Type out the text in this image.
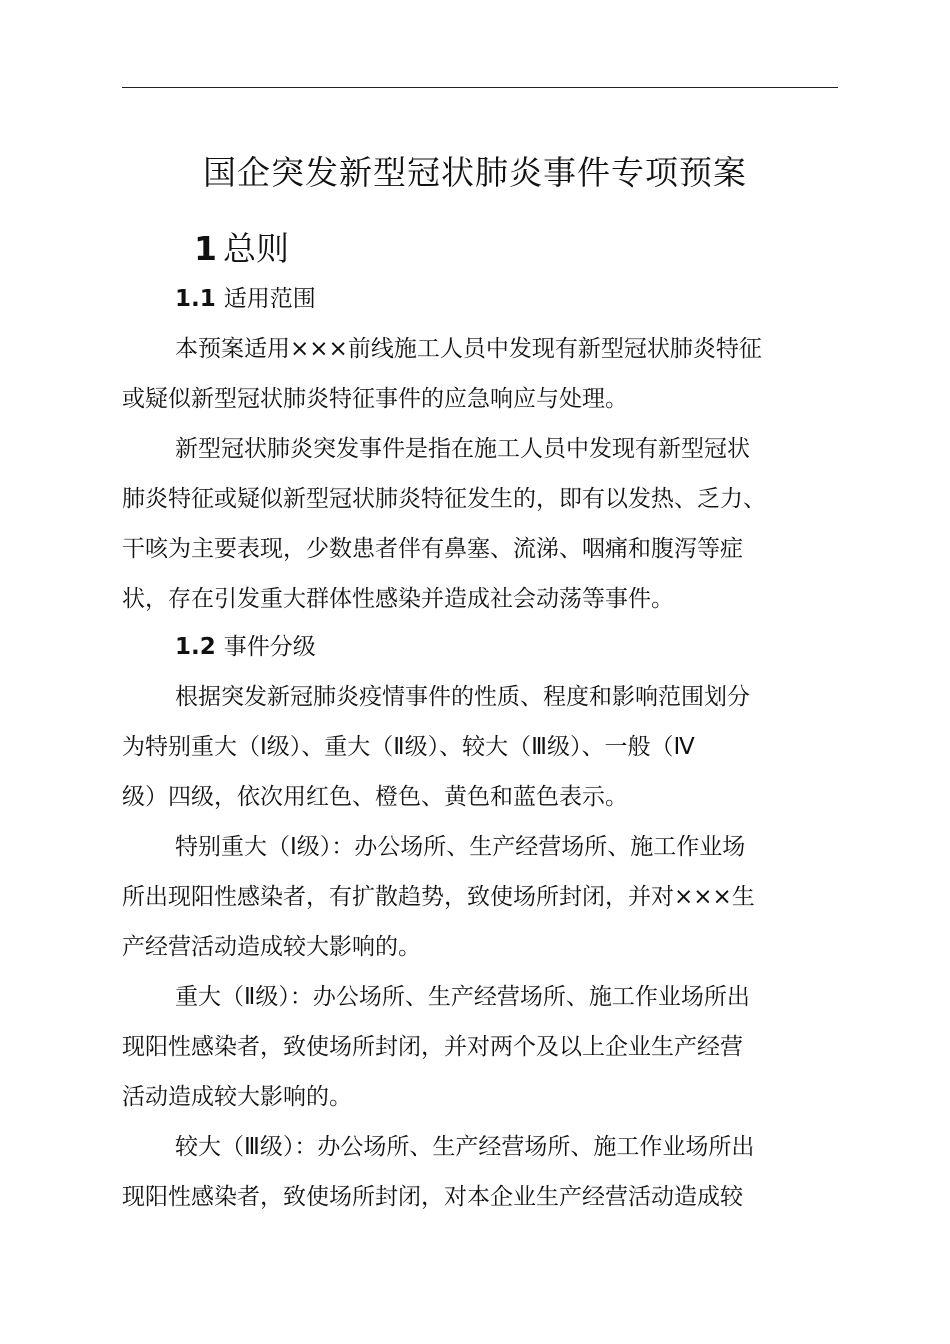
国企突发新型冠状肺炎事件专项预案
1 总则
1.1 适用范围
本预案适用×××前线施工人员中发现有新型冠状肺炎特征
或疑似新型冠状肺炎特征事件的应急响应与处理。
新型冠状肺炎突发事件是指在施工人员中发现有新型冠状
肺炎特征或疑似新型冠状肺炎特征发生的，即有以发热、乏力、
干咳为主要表现，少数患者伴有鼻塞、流涕、咽痛和腹泻等症
状，存在引发重大群体性感染并造成社会动荡等事件。
1.2 事件分级
根据突发新冠肺炎疫情事件的性质、程度和影响范围划分
为特别重大（Ⅰ级）、重大（Ⅱ级）、较大（Ⅲ级）、一般（Ⅳ
级）四级，依次用红色、橙色、黄色和蓝色表示。
特别重大（Ⅰ级）：办公场所、生产经营场所、施工作业场
所出现阳性感染者，有扩散趋势，致使场所封闭，并对×××生
产经营活动造成较大影响的。
重大（Ⅱ级）：办公场所、生产经营场所、施工作业场所出
现阳性感染者，致使场所封闭，并对两个及以上企业生产经营
活动造成较大影响的。
较大（Ⅲ级）：办公场所、生产经营场所、施工作业场所出
现阳性感染者，致使场所封闭，对本企业生产经营活动造成较
